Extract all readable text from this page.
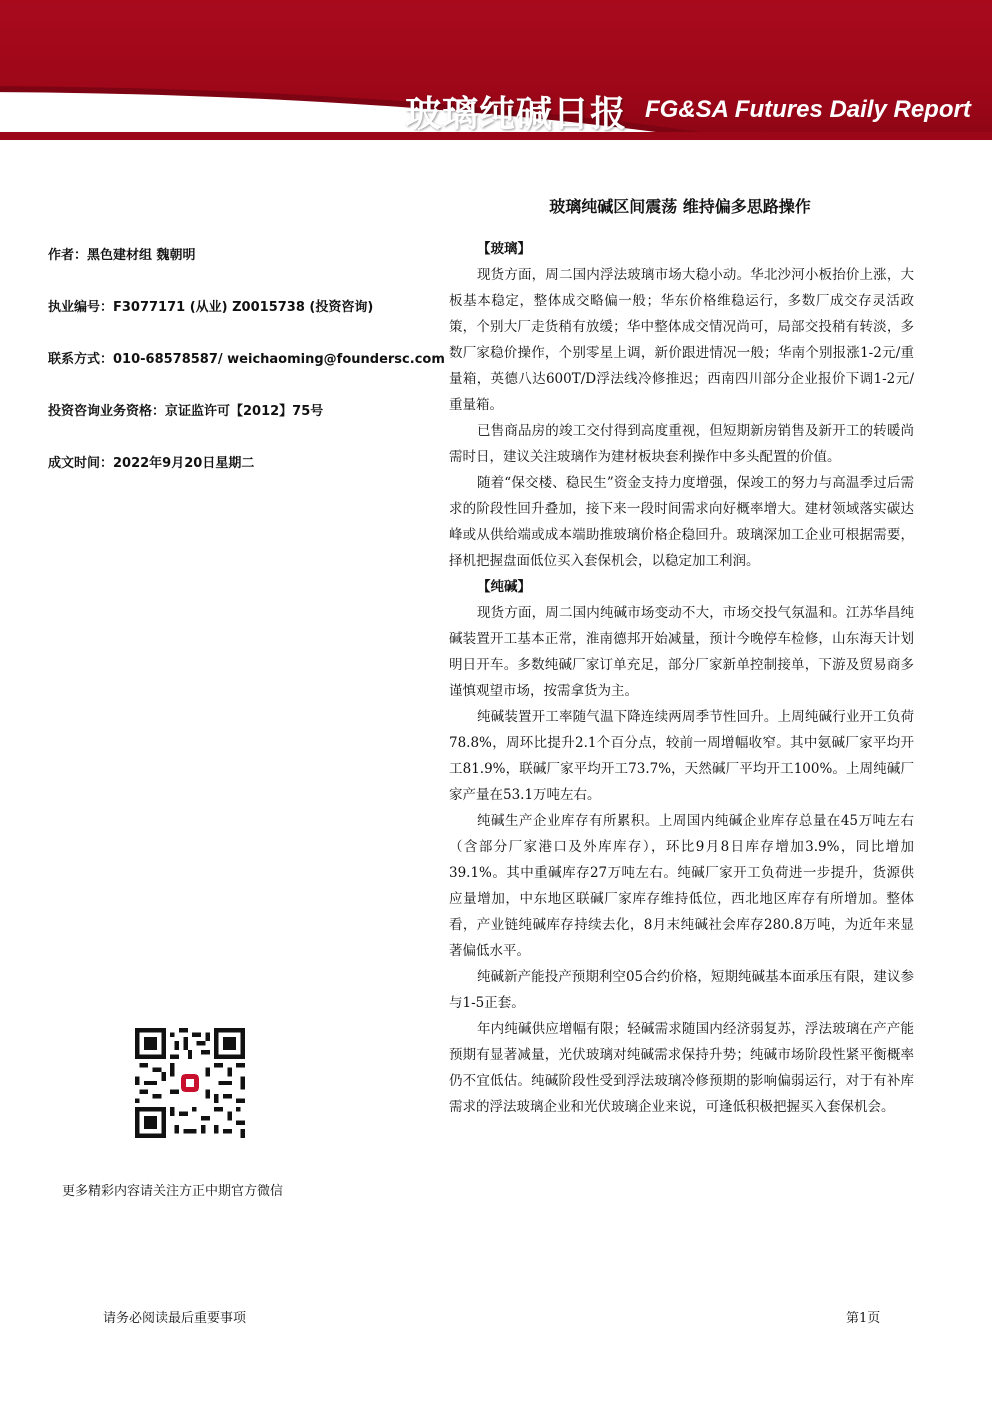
玻璃纯碱日报 FG&SA Futures Daily Report
玻璃纯碱区间震荡 维持偏多思路操作
作者：黑色建材组 魏朝明
执业编号：F3077171 (从业) Z0015738 (投资咨询)
联系方式：010-68578587/ weichaoming@foundersc.com
投资咨询业务资格：京证监许可【2012】75号
成文时间：2022年9月20日星期二
【玻璃】

现货方面，周二国内浮法玻璃市场大稳小动。华北沙河小板抬价上涨，大板基本稳定，整体成交略偏一般；华东价格维稳运行，多数厂成交存灵活政策，个别大厂走货稍有放缓；华中整体成交情况尚可，局部交投稍有转淡，多数厂家稳价操作，个别零星上调，新价跟进情况一般；华南个别报涨1-2元/重量箱，英德八达600T/D浮法线冷修推迟；西南四川部分企业报价下调1-2元/重量箱。

已售商品房的竣工交付得到高度重视，但短期新房销售及新开工的转暖尚需时日，建议关注玻璃作为建材板块套利操作中多头配置的价值。

随着“保交楼、稳民生”资金支持力度增强，保竣工的努力与高温季过后需求的阶段性回升叠加，接下来一段时间需求向好概率增大。建材领域落实碳达峰或从供给端或成本端助推玻璃价格企稳回升。玻璃深加工企业可根据需要，择机把握盘面低位买入套保机会，以稳定加工利润。

【纯碱】

现货方面，周二国内纯碱市场变动不大，市场交投气氛温和。江苏华昌纯碱装置开工基本正常，淮南德邦开始减量，预计今晚停车检修，山东海天计划明日开车。多数纯碱厂家订单充足，部分厂家新单控制接单，下游及贸易商多谨慎观望市场，按需拿货为主。

纯碱装置开工率随气温下降连续两周季节性回升。上周纯碱行业开工负荷78.8%，周环比提升2.1个百分点，较前一周增幅收窄。其中氨碱厂家平均开工81.9%，联碱厂家平均开工73.7%，天然碱厂平均开工100%。上周纯碱厂家产量在53.1万吨左右。

纯碱生产企业库存有所累积。上周国内纯碱企业库存总量在45万吨左右（含部分厂家港口及外库库存），环比9月8日库存增加3.9%，同比增加39.1%。其中重碱库存27万吨左右。纯碱厂家开工负荷进一步提升，货源供应量增加，中东地区联碱厂家库存维持低位，西北地区库存有所增加。整体看，产业链纯碱库存持续去化，8月末纯碱社会库存280.8万吨，为近年来显著偏低水平。

纯碱新产能投产预期利空05合约价格，短期纯碱基本面承压有限，建议参与1-5正套。

年内纯碱供应增幅有限；轻碱需求随国内经济弱复苏，浮法玻璃在产产能预期有显著减量，光伏玻璃对纯碱需求保持升势；纯碱市场阶段性紧平衡概率仍不宜低估。纯碱阶段性受到浮法玻璃冷修预期的影响偏弱运行，对于有补库需求的浮法玻璃企业和光伏玻璃企业来说，可逢低积极把握买入套保机会。

更多精彩内容请关注方正中期官方微信
请务必阅读最后重要事项	第1页
